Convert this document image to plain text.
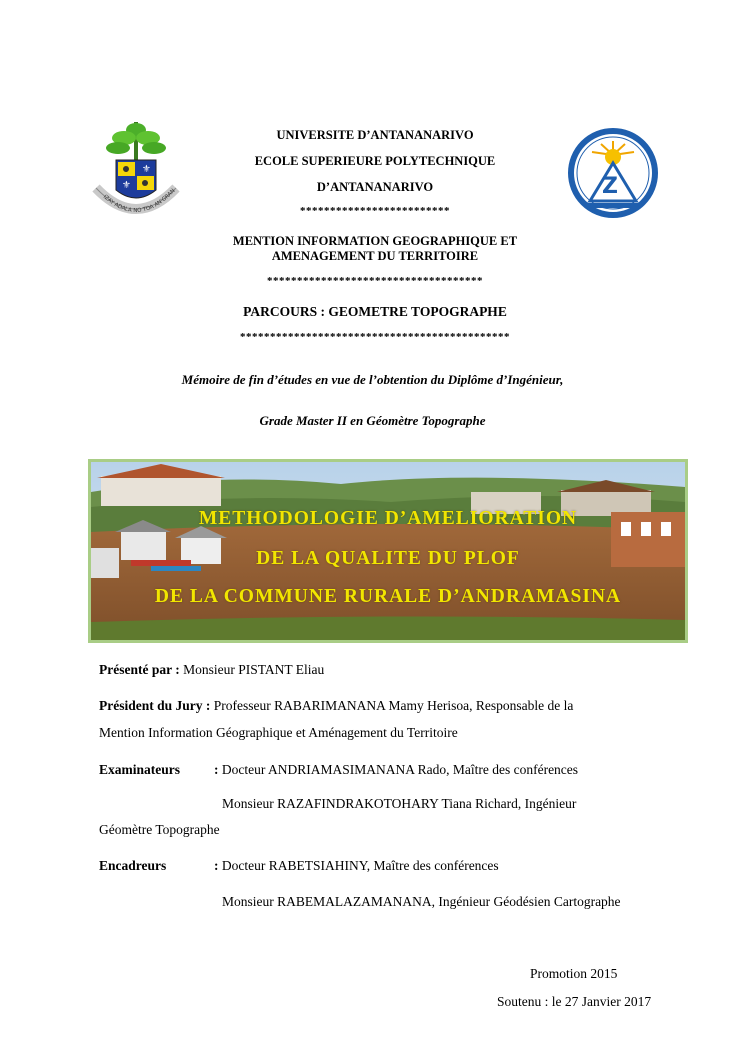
⚜
⚜
IZAY ADALA NO TOA AN'GRAN	Z
UNIVERSITE D’ANTANANARIVO
ECOLE SUPERIEURE POLYTECHNIQUE
D’ANTANANARIVO
*************************
MENTION INFORMATION GEOGRAPHIQUE ET
AMENAGEMENT DU TERRITOIRE
************************************
PARCOURS : GEOMETRE TOPOGRAPHE
*********************************************
Mémoire de fin d’études en vue de l’obtention du Diplôme d’Ingénieur,
Grade Master II en Géomètre Topographe
METHODOLOGIE D’AMELIORATION
DE LA QUALITE DU PLOF
DE LA COMMUNE RURALE D’ANDRAMASINA
Présenté par : Monsieur PISTANT Eliau
Président du Jury : Professeur RABARIMANANA Mamy Herisoa, Responsable de la
Mention Information Géographique et Aménagement du Territoire
Examinateurs	: Docteur ANDRIAMASIMANANA Rado, Maître des conférences
Monsieur RAZAFINDRAKOTOHARY Tiana Richard, Ingénieur
Géomètre Topographe
Encadreurs	: Docteur RABETSIAHINY, Maître des conférences
Monsieur RABEMALAZAMANANA, Ingénieur Géodésien Cartographe
Promotion 2015
Soutenu : le 27 Janvier 2017
